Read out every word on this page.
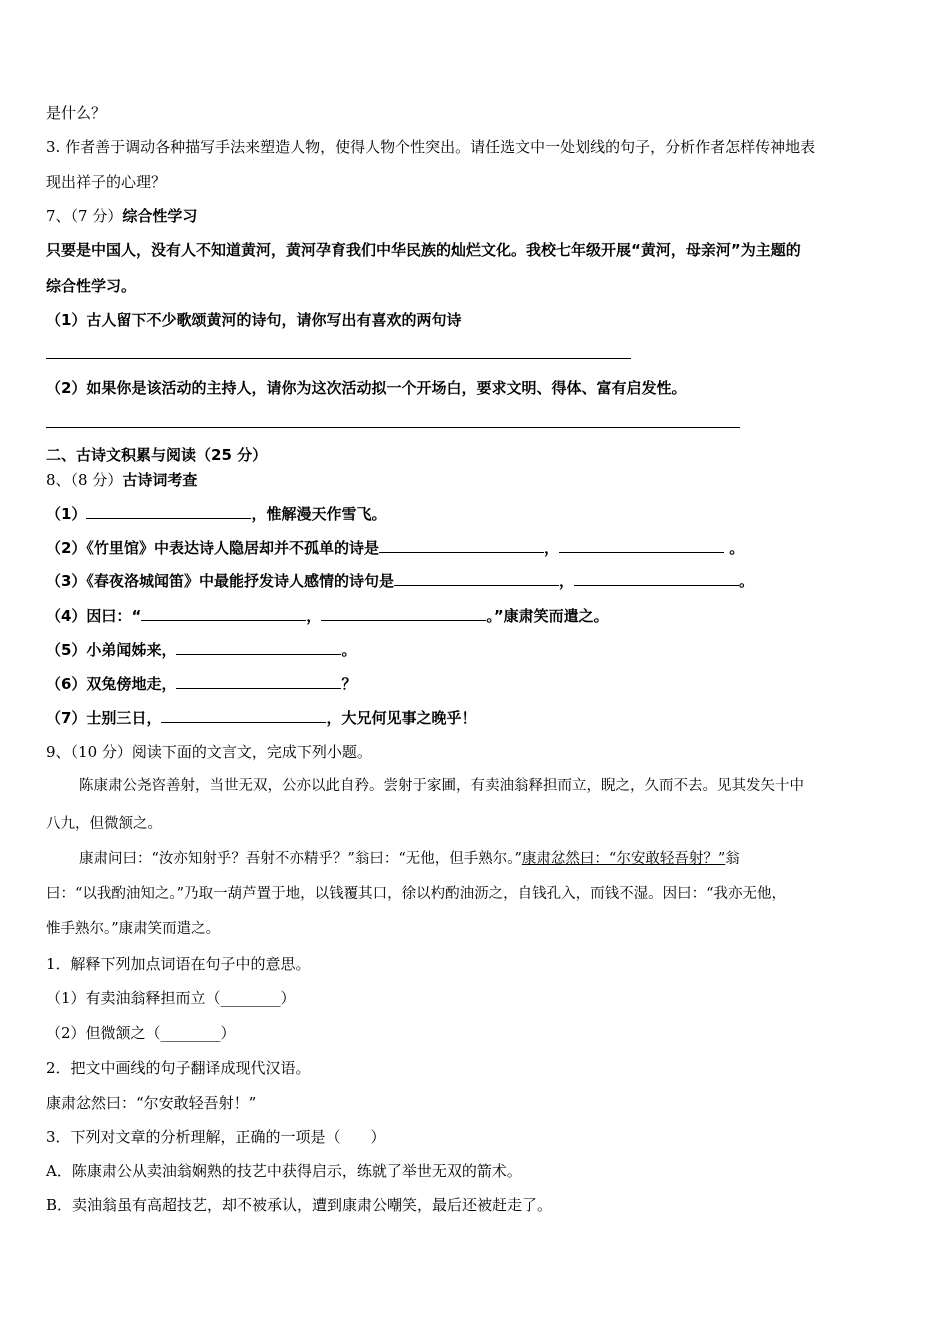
是什么？
3. 作者善于调动各种描写手法来塑造人物，使得人物个性突出。请任选文中一处划线的句子，分析作者怎样传神地表
现出祥子的心理？
7、（7 分）综合性学习
只要是中国人，没有人不知道黄河，黄河孕育我们中华民族的灿烂文化。我校七年级开展“黄河，母亲河”为主题的
综合性学习。
（1）古人留下不少歌颂黄河的诗句，请你写出有喜欢的两句诗
（2）如果你是该活动的主持人，请你为这次活动拟一个开场白，要求文明、得体、富有启发性。
二、古诗文积累与阅读（25 分）
8、（8 分）古诗词考查
（1）	，惟解漫天作雪飞。
（2）《竹里馆》中表达诗人隐居却并不孤单的诗是	，	。
（3）《春夜洛城闻笛》中最能抒发诗人感情的诗句是	，	。
（4）因曰：“	，	。”康肃笑而遣之。
（5）小弟闻姊来，	。
（6）双兔傍地走，	？
（7）士别三日，	，大兄何见事之晚乎！
9、（10 分）阅读下面的文言文，完成下列小题。
陈康肃公尧咨善射，当世无双，公亦以此自矜。尝射于家圃，有卖油翁释担而立，睨之，久而不去。见其发矢十中
八九，但微颔之。
康肃问曰：“汝亦知射乎？吾射不亦精乎？”翁曰：“无他，但手熟尔。”康肃忿然曰：“尔安敢轻吾射？”翁
曰：“以我酌油知之。”乃取一葫芦置于地，以钱覆其口，徐以杓酌油沥之，自钱孔入，而钱不湿。因曰：“我亦无他，
惟手熟尔。”康肃笑而遣之。
1．解释下列加点词语在句子中的意思。
（1）有卖油翁释担而立（________）
（2）但微颔之（________）
2．把文中画线的句子翻译成现代汉语。
康肃忿然曰：“尔安敢轻吾射！”
3．下列对文章的分析理解，正确的一项是（　　）
A．陈康肃公从卖油翁娴熟的技艺中获得启示，练就了举世无双的箭术。
B．卖油翁虽有高超技艺，却不被承认，遭到康肃公嘲笑，最后还被赶走了。
